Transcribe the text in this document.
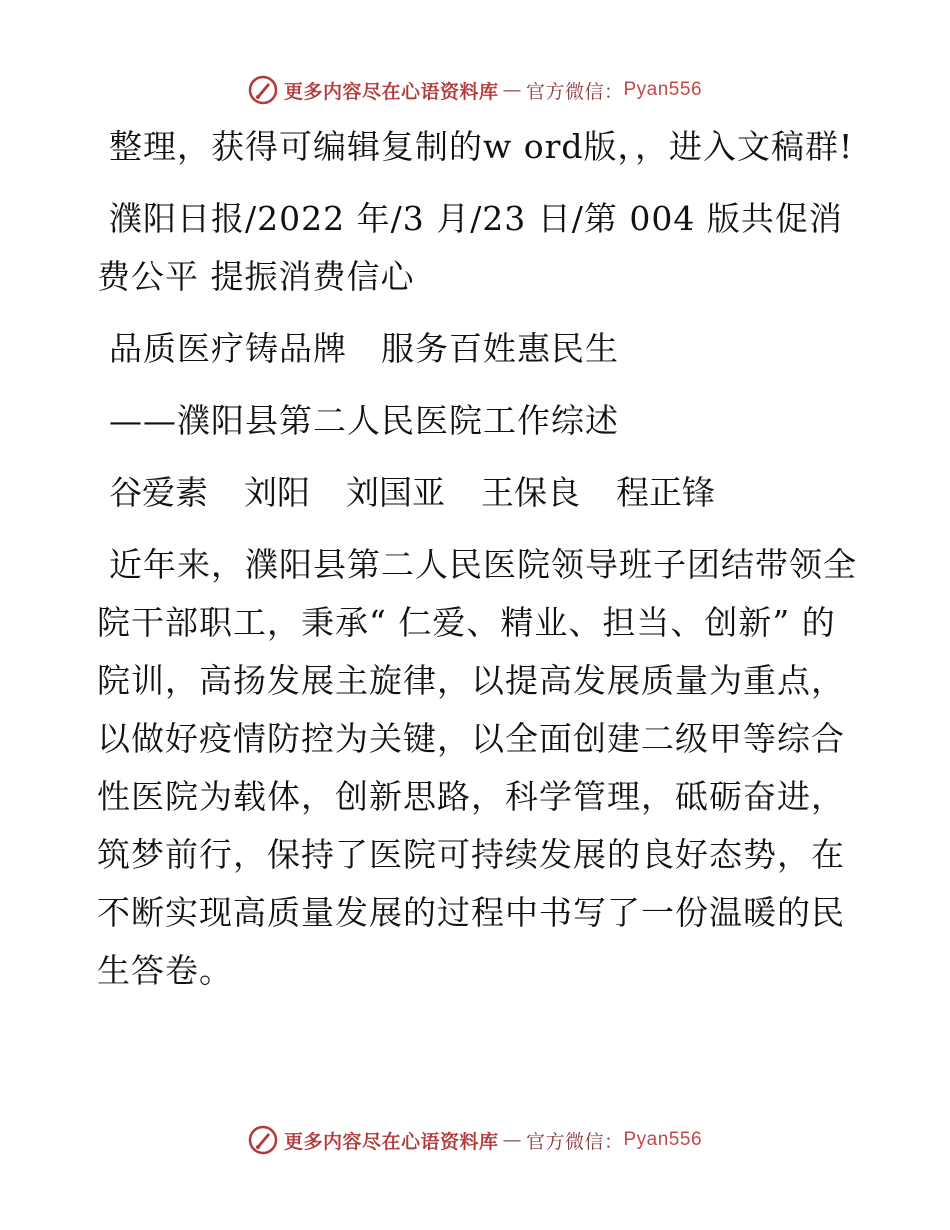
更多内容尽在心语资料库 — 官方微信： Pyan556

整理，获得可编辑复制的w ord版，，进入文稿群!

濮阳日报/2022 年/3 月/23 日/第 004 版共促消费公平 提振消费信心

品质医疗铸品牌　服务百姓惠民生

——濮阳县第二人民医院工作综述

谷爱素 刘阳 刘国亚 王保良 程正锋

近年来，濮阳县第二人民医院领导班子团结带领全院干部职工，秉承“ 仁爱、精业、担当、创新” 的院训，高扬发展主旋律，以提高发展质量为重点，以做好疫情防控为关键，以全面创建二级甲等综合性医院为载体，创新思路，科学管理，砥砺奋进，筑梦前行，保持了医院可持续发展的良好态势，在不断实现高质量发展的过程中书写了一份温暖的民生答卷。

更多内容尽在心语资料库 — 官方微信： Pyan556
